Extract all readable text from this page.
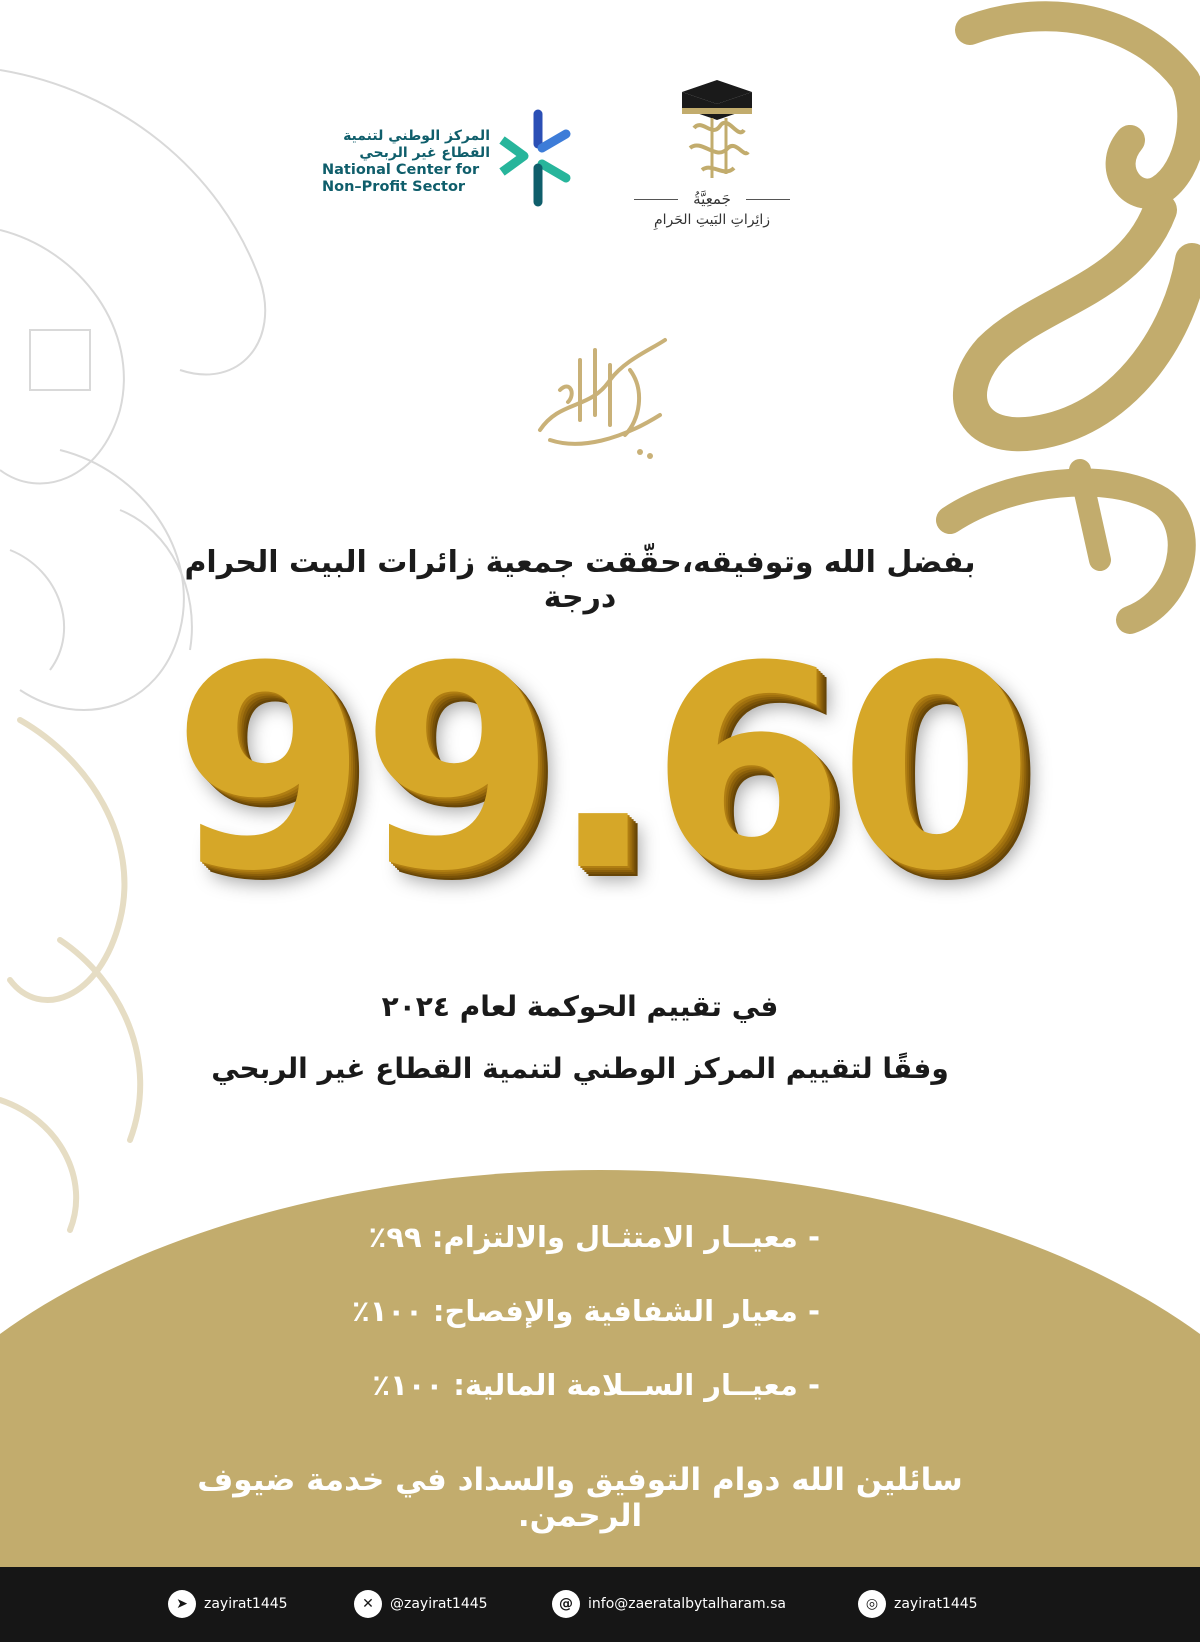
المركز الوطني لتنمية
القطاع غير الربحي
National Center for
Non–Profit Sector
جَمعِيَّةُ
زائِراتِ البَيتِ الحَرامِ
بفضل الله وتوفيقه،حقّقت جمعية زائرات البيت الحرام درجة
99.60
في تقييم الحوكمة لعام ٢٠٢٤
وفقًا لتقييم المركز الوطني لتنمية القطاع غير الربحي
- معيــار الامتثـال والالتزام: ٩٩٪
- معيار الشفافية والإفصاح: ١٠٠٪
- معيــار الســلامة المالية: ١٠٠٪
سائلين الله دوام التوفيق والسداد في خدمة ضيوف الرحمن.
➤	zayirat1445	✕	@zayirat1445	@	info@zaeratalbytalharam.sa	◎	zayirat1445
